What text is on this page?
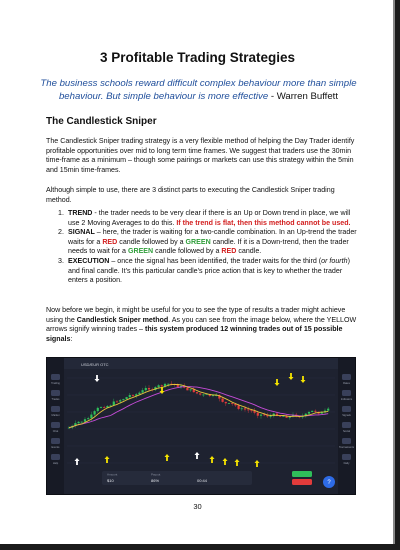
3 Profitable Trading Strategies
The business schools reward difficult complex behaviour more than simple behaviour. But simple behaviour is more effective - Warren Buffett
The Candlestick Sniper

The Candlestick Sniper trading strategy is a very flexible method of helping the Day Trader identify profitable opportunities over mid to long term time frames. We suggest that traders use the 30min time-frame as a minimum – though some pairings or markets can use this strategy within the 5min and 15min time-frames.

Although simple to use, there are 3 distinct parts to executing the Candlestick Sniper trading method.

1. TREND - the trader needs to be very clear if there is an Up or Down trend in place, we will use 2 Moving Averages to do this. If the trend is flat, then this method cannot be used.
2. SIGNAL – here, the trader is waiting for a two-candle combination. In an Up-trend the trader waits for a RED candle followed by a GREEN candle. If it is a Down-trend, then the trader needs to wait for a GREEN candle followed by a RED candle.
3. EXECUTION – once the signal has been identified, the trader waits for the third (or fourth) and final candle. It’s this particular candle’s price action that is key to whether the trader enters a position.

Now before we begin, it might be useful for you to see the type of results a trader might achieve using the Candlestick Sniper method. As you can see from the image below, where the YELLOW arrows signify winning trades – this system produced 12 winning trades out of 15 possible signals:

USD/EUR OTC
Trading
Trades
Market
Chat
Events
Help
Rates
Indicators
Signals
Social
Tournaments
Daily
Amount
$10
Payout
86%	00:44	?
30
